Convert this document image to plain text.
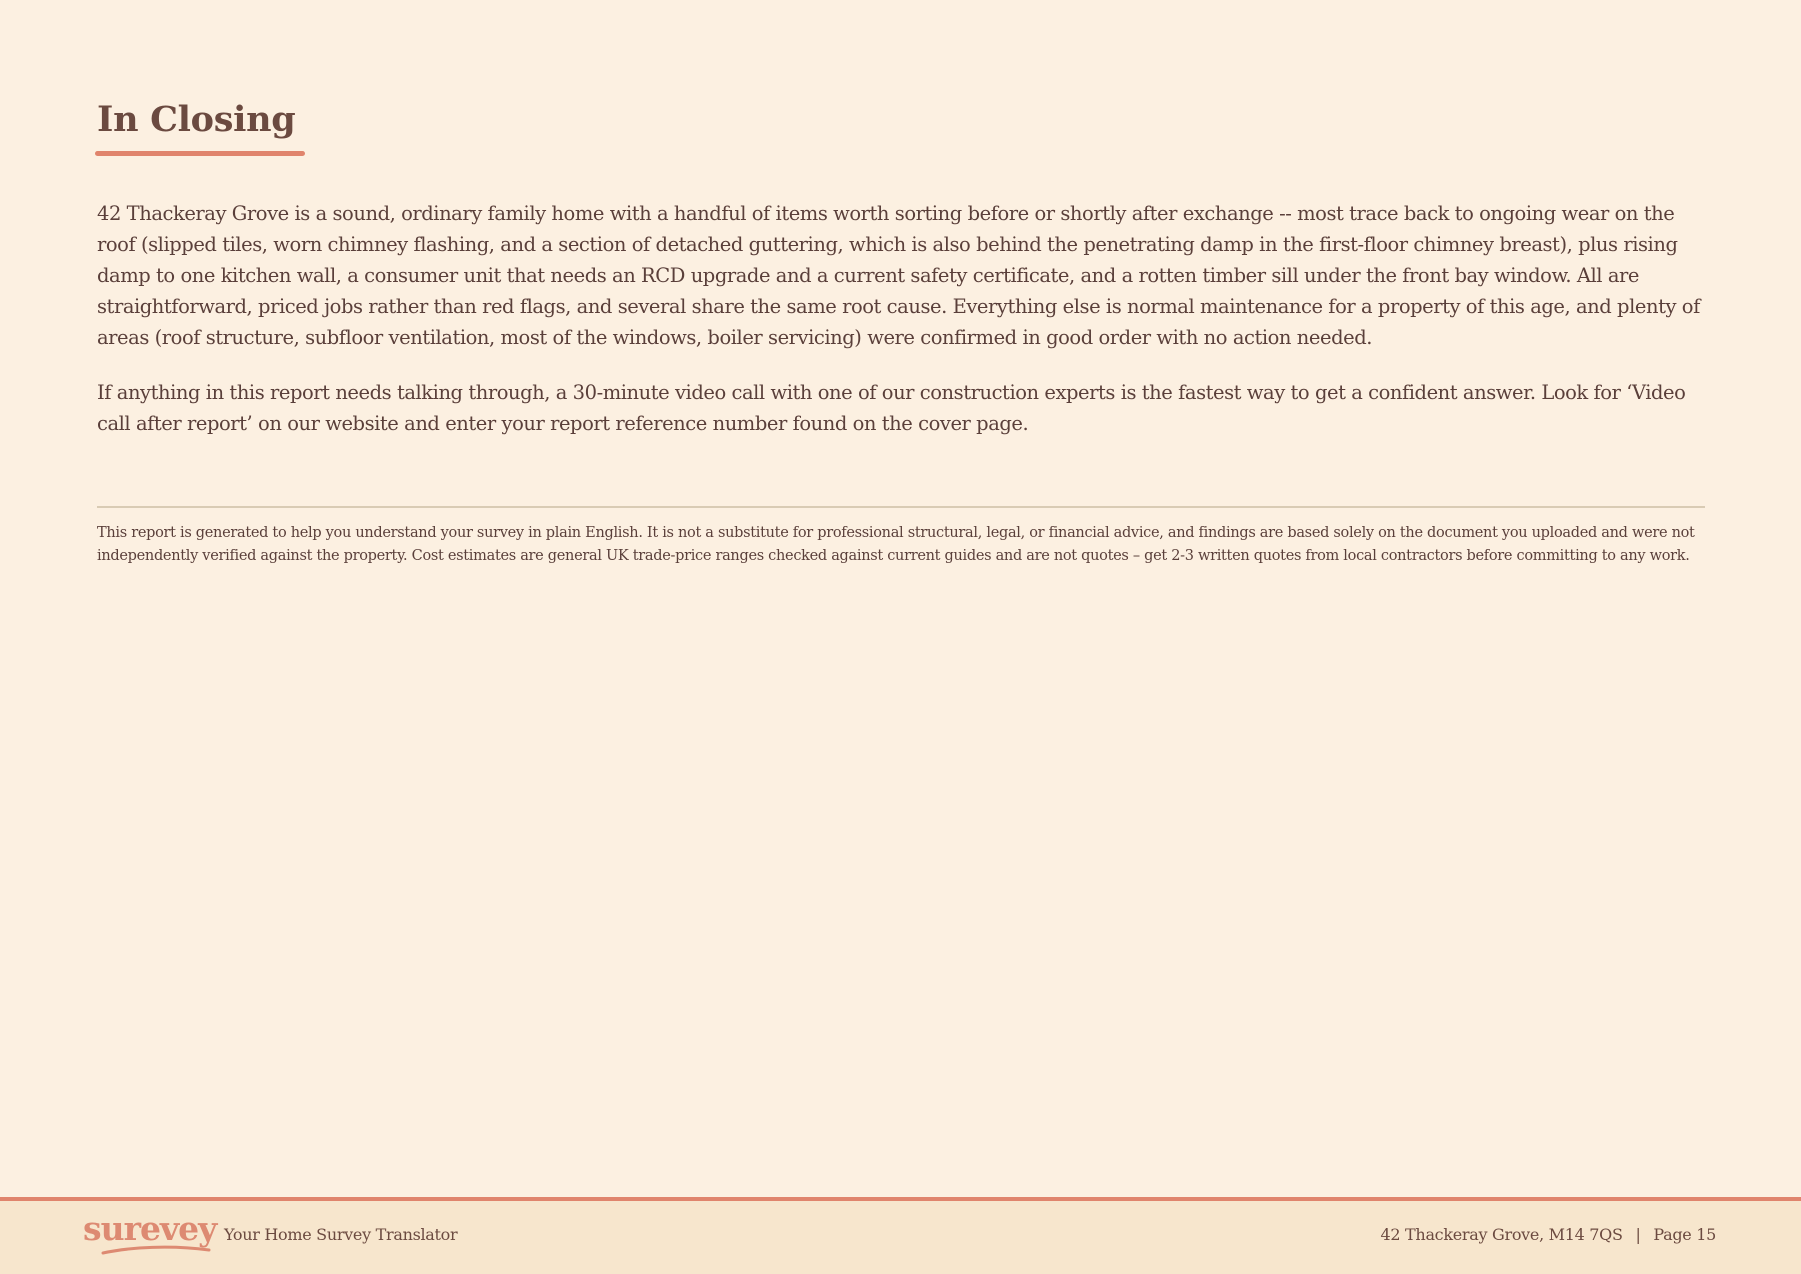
In Closing

42 Thackeray Grove is a sound, ordinary family home with a handful of items worth sorting before or shortly after exchange -- most trace back to ongoing wear on the roof (slipped tiles, worn chimney flashing, and a section of detached guttering, which is also behind the penetrating damp in the first-floor chimney breast), plus rising damp to one kitchen wall, a consumer unit that needs an RCD upgrade and a current safety certificate, and a rotten timber sill under the front bay window. All are straightforward, priced jobs rather than red flags, and several share the same root cause. Everything else is normal maintenance for a property of this age, and plenty of areas (roof structure, subfloor ventilation, most of the windows, boiler servicing) were confirmed in good order with no action needed.

If anything in this report needs talking through, a 30-minute video call with one of our construction experts is the fastest way to get a confident answer. Look for ‘Video call after report’ on our website and enter your report reference number found on the cover page.

This report is generated to help you understand your survey in plain English. It is not a substitute for professional structural, legal, or financial advice, and findings are based solely on the document you uploaded and were not independently verified against the property. Cost estimates are general UK trade-price ranges checked against current guides and are not quotes – get 2-3 written quotes from local contractors before committing to any work.

surevey Your Home Survey Translator	42 Thackeray Grove, M14 7QS | Page 15
